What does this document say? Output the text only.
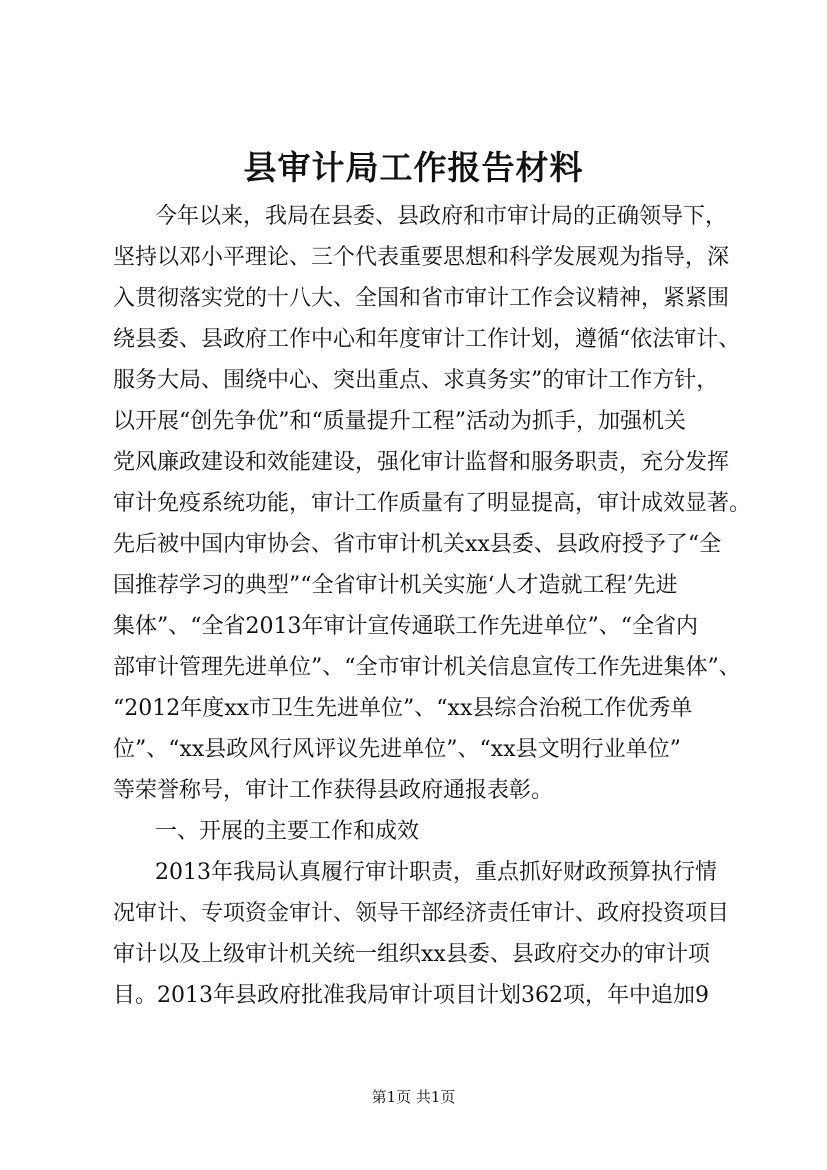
县审计局工作报告材料
今年以来，我局在县委、县政府和市审计局的正确领导下，
坚持以邓小平理论、三个代表重要思想和科学发展观为指导，深
入贯彻落实党的十八大、全国和省市审计工作会议精神，紧紧围
绕县委、县政府工作中心和年度审计工作计划，遵循“依法审计、
服务大局、围绕中心、突出重点、求真务实”的审计工作方针，
以开展“创先争优”和“质量提升工程”活动为抓手，加强机关
党风廉政建设和效能建设，强化审计监督和服务职责，充分发挥
审计免疫系统功能，审计工作质量有了明显提高，审计成效显著。
先后被中国内审协会、省市审计机关xx县委、县政府授予了“全
国推荐学习的典型”“全省审计机关实施‘人才造就工程’先进
集体”、“全省2013年审计宣传通联工作先进单位”、“全省内
部审计管理先进单位”、“全市审计机关信息宣传工作先进集体”、
“2012年度xx市卫生先进单位”、“xx县综合治税工作优秀单
位”、“xx县政风行风评议先进单位”、“xx县文明行业单位”
等荣誉称号，审计工作获得县政府通报表彰。
一、开展的主要工作和成效
2013年我局认真履行审计职责，重点抓好财政预算执行情
况审计、专项资金审计、领导干部经济责任审计、政府投资项目
审计以及上级审计机关统一组织xx县委、县政府交办的审计项
目。2013年县政府批准我局审计项目计划362项，年中追加9
第1页 共1页
